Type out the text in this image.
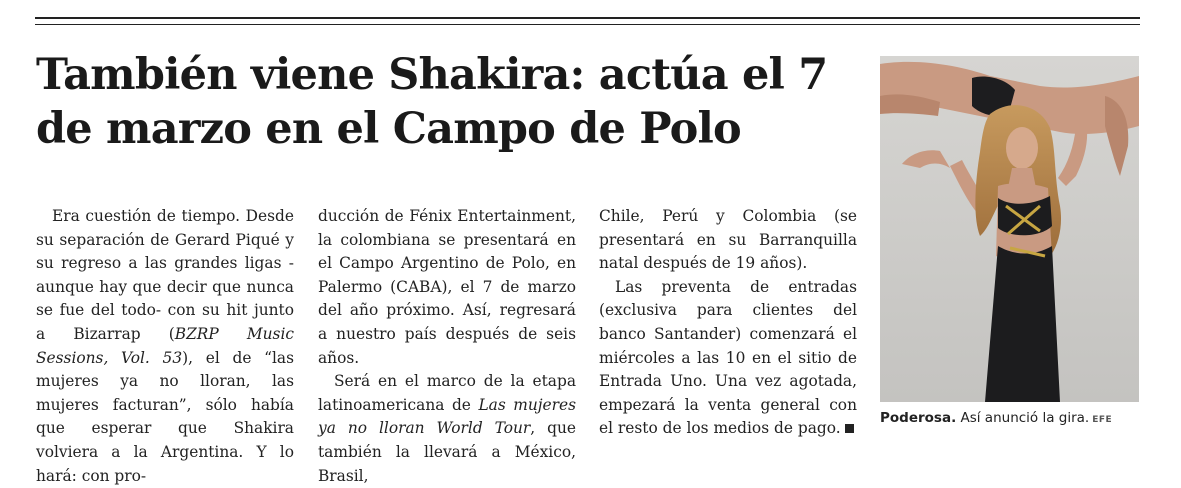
También viene Shakira: actúa el 7 de marzo en el Campo de Polo

Era cuestión de tiempo. Desde su separación de Gerard Piqué y su regreso a las grandes ligas -aunque hay que decir que nunca se fue del todo- con su hit junto a Bizarrap (BZRP Music Sessions, Vol. 53), el de “las mujeres ya no lloran, las mujeres facturan”, sólo había que esperar que Shakira volviera a la Argentina. Y lo hará: con pro-

ducción de Fénix Entertainment, la colombiana se presentará en el Campo Argentino de Polo, en Palermo (CABA), el 7 de marzo del año próximo. Así, regresará a nuestro país después de seis años.

Será en el marco de la etapa latinoamericana de Las mujeres ya no lloran World Tour, que también la llevará a México, Brasil,

Chile, Perú y Colombia (se presentará en su Barranquilla natal después de 19 años).

Las preventa de entradas (exclusiva para clientes del banco Santander) comenzará el miércoles a las 10 en el sitio de Entrada Uno. Una vez agotada, empezará la venta general con el resto de los medios de pago.

Poderosa. Así anunció la gira. EFE
